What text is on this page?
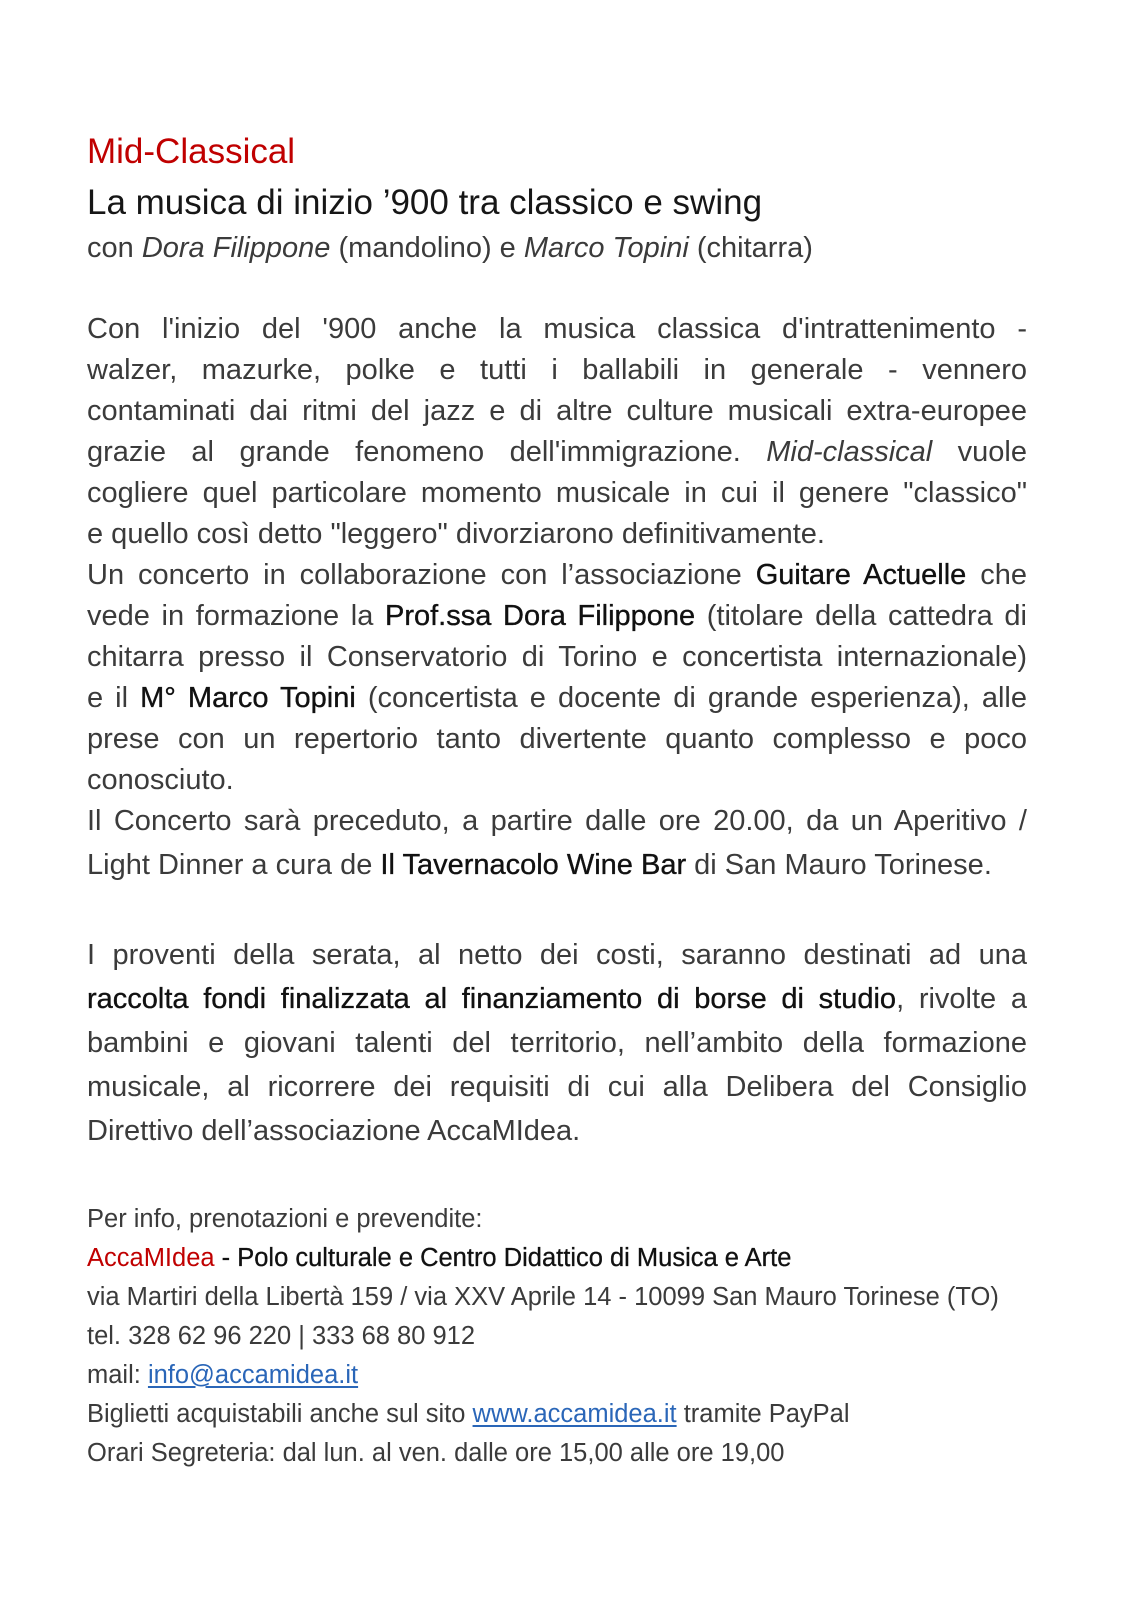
Mid-Classical
La musica di inizio ’900 tra classico e swing

con Dora Filippone (mandolino) e Marco Topini (chitarra)

Con l'inizio del '900 anche la musica classica d'intrattenimento -
walzer, mazurke, polke e tutti i ballabili in generale - vennero
contaminati dai ritmi del jazz e di altre culture musicali extra-europee
grazie al grande fenomeno dell'immigrazione. Mid-classical vuole
cogliere quel particolare momento musicale in cui il genere "classico"
e quello così detto "leggero" divorziarono definitivamente.
Un concerto in collaborazione con l’associazione Guitare Actuelle che
vede in formazione la Prof.ssa Dora Filippone (titolare della cattedra di
chitarra presso il Conservatorio di Torino e concertista internazionale)
e il M° Marco Topini (concertista e docente di grande esperienza), alle
prese con un repertorio tanto divertente quanto complesso e poco
conosciuto.
Il Concerto sarà preceduto, a partire dalle ore 20.00, da un Aperitivo /
Light Dinner a cura de Il Tavernacolo Wine Bar di San Mauro Torinese.
I proventi della serata, al netto dei costi, saranno destinati ad una
raccolta fondi finalizzata al finanziamento di borse di studio, rivolte a
bambini e giovani talenti del territorio, nell’ambito della formazione
musicale, al ricorrere dei requisiti di cui alla Delibera del Consiglio
Direttivo dell’associazione AccaMIdea.
Per info, prenotazioni e prevendite:
AccaMIdea - Polo culturale e Centro Didattico di Musica e Arte
via Martiri della Libertà 159 / via XXV Aprile 14 - 10099 San Mauro Torinese (TO)
tel. 328 62 96 220 | 333 68 80 912
mail: info@accamidea.it
Biglietti acquistabili anche sul sito www.accamidea.it tramite PayPal
Orari Segreteria: dal lun. al ven. dalle ore 15,00 alle ore 19,00
